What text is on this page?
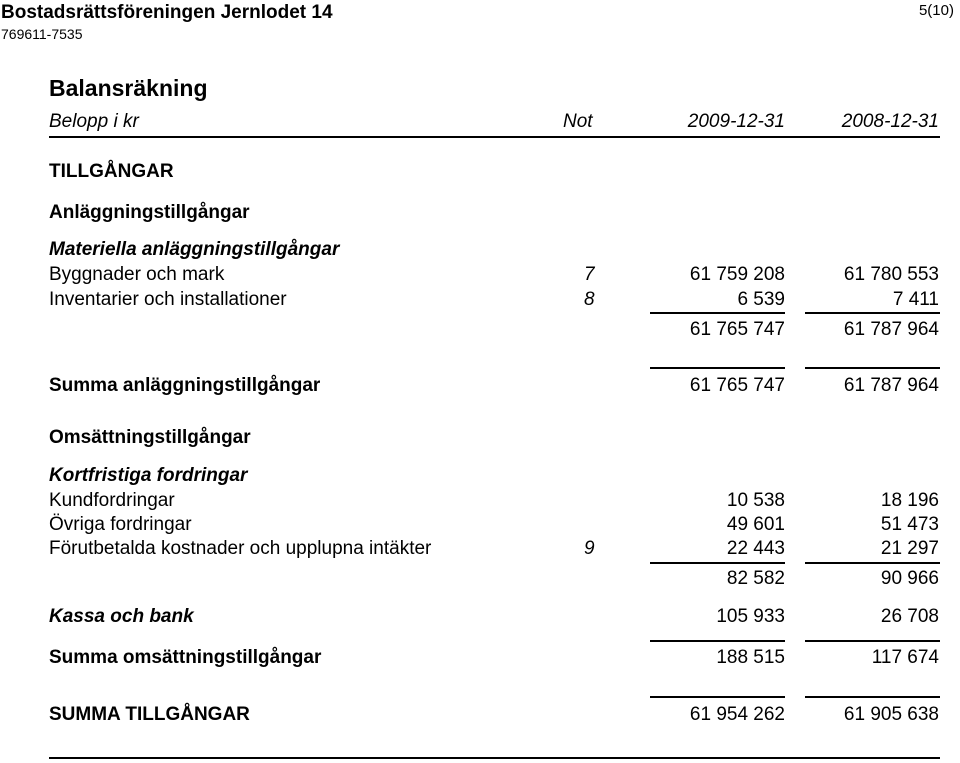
Bostadsrättsföreningen Jernlodet 14
769611-7535
5(10)
Balansräkning
Belopp i kr	Not	2009-12-31	2008-12-31
TILLGÅNGAR
Anläggningstillgångar
Materiella anläggningstillgångar
Byggnader och mark	7	61 759 208	61 780 553
Inventarier och installationer	8	6 539	7 411
61 765 747	61 787 964
Summa anläggningstillgångar	61 765 747	61 787 964
Omsättningstillgångar
Kortfristiga fordringar
Kundfordringar	10 538	18 196
Övriga fordringar	49 601	51 473
Förutbetalda kostnader och upplupna intäkter	9	22 443	21 297
82 582	90 966
Kassa och bank	105 933	26 708
Summa omsättningstillgångar	188 515	117 674
SUMMA TILLGÅNGAR	61 954 262	61 905 638
